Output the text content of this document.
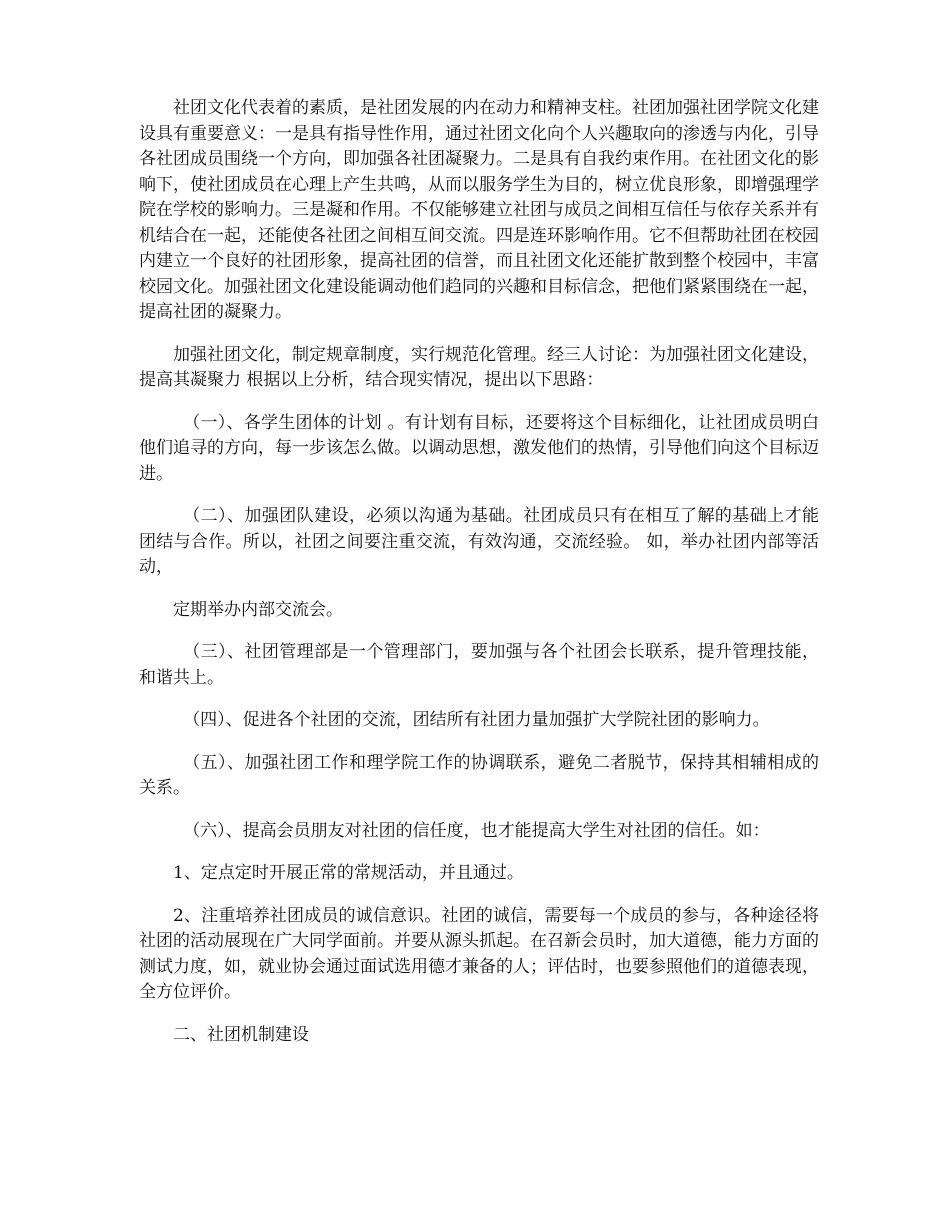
社团文化代表着的素质，是社团发展的内在动力和精神支柱。社团加强社团学院文化建设具有重要意义：一是具有指导性作用，通过社团文化向个人兴趣取向的渗透与内化，引导各社团成员围绕一个方向，即加强各社团凝聚力。二是具有自我约束作用。在社团文化的影响下，使社团成员在心理上产生共鸣，从而以服务学生为目的，树立优良形象，即增强理学院在学校的影响力。三是凝和作用。不仅能够建立社团与成员之间相互信任与依存关系并有机结合在一起，还能使各社团之间相互间交流。四是连环影响作用。它不但帮助社团在校园内建立一个良好的社团形象，提高社团的信誉，而且社团文化还能扩散到整个校园中，丰富校园文化。加强社团文化建设能调动他们趋同的兴趣和目标信念，把他们紧紧围绕在一起，提高社团的凝聚力。

加强社团文化，制定规章制度，实行规范化管理。经三人讨论：为加强社团文化建设，提高其凝聚力 根据以上分析，结合现实情况，提出以下思路：

（一）、各学生团体的计划 。有计划有目标，还要将这个目标细化，让社团成员明白他们追寻的方向，每一步该怎么做。以调动思想，激发他们的热情，引导他们向这个目标迈进。

（二）、加强团队建设，必须以沟通为基础。社团成员只有在相互了解的基础上才能团结与合作。所以，社团之间要注重交流，有效沟通，交流经验。 如，举办社团内部等活动，

定期举办内部交流会。

（三）、社团管理部是一个管理部门，要加强与各个社团会长联系，提升管理技能，和谐共上。

（四）、促进各个社团的交流，团结所有社团力量加强扩大学院社团的影响力。

（五）、加强社团工作和理学院工作的协调联系，避免二者脱节，保持其相辅相成的关系。

（六）、提高会员朋友对社团的信任度，也才能提高大学生对社团的信任。如：

1、定点定时开展正常的常规活动，并且通过。

2、注重培养社团成员的诚信意识。社团的诚信，需要每一个成员的参与，各种途径将社团的活动展现在广大同学面前。并要从源头抓起。在召新会员时，加大道德，能力方面的测试力度，如，就业协会通过面试选用德才兼备的人；评估时，也要参照他们的道德表现，全方位评价。

二、社团机制建设
